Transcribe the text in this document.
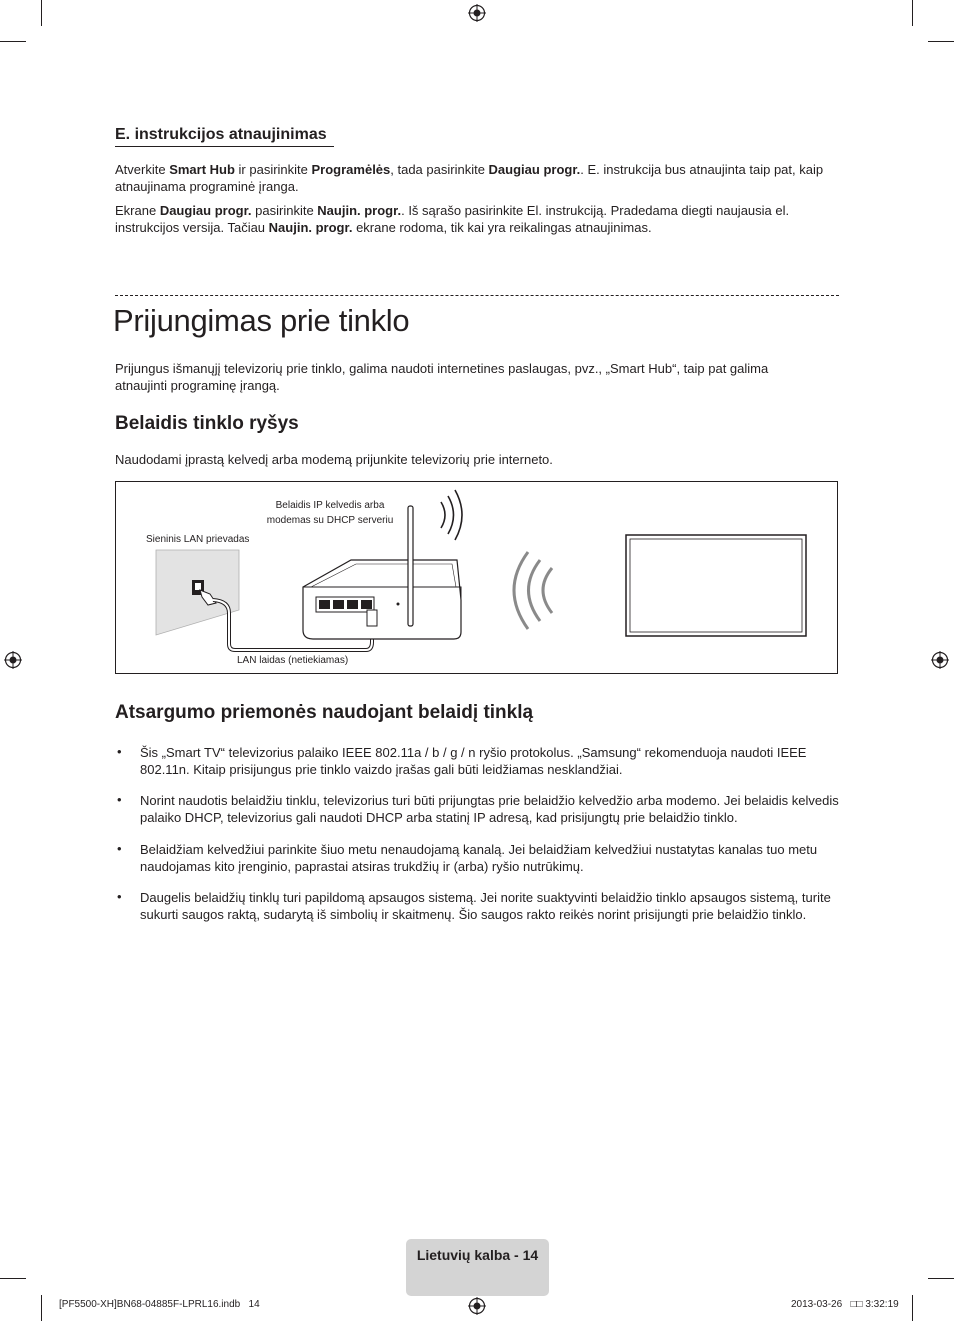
E. instrukcijos atnaujinimas
Atverkite Smart Hub ir pasirinkite Programėlės, tada pasirinkite Daugiau progr.. E. instrukcija bus atnaujinta taip pat, kaip atnaujinama programinė įranga.
Ekrane Daugiau progr. pasirinkite Naujin. progr.. Iš sąrašo pasirinkite El. instrukciją. Pradedama diegti naujausia el. instrukcijos versija. Tačiau Naujin. progr. ekrane rodoma, tik kai yra reikalingas atnaujinimas.
Prijungimas prie tinklo
Prijungus išmanųjį televizorių prie tinklo, galima naudoti internetines paslaugas, pvz., „Smart Hub“, taip pat galima atnaujinti programinę įrangą.
Belaidis tinklo ryšys
Naudodami įprastą kelvedį arba modemą prijunkite televizorių prie interneto.
Belaidis IP kelvedis arba
modemas su DHCP serveriu
Sieninis LAN prievadas
LAN laidas (netiekiamas)
Atsargumo priemonės naudojant belaidį tinklą
• Šis „Smart TV“ televizorius palaiko IEEE 802.11a / b / g / n ryšio protokolus. „Samsung“ rekomenduoja naudoti IEEE 802.11n. Kitaip prisijungus prie tinklo vaizdo įrašas gali būti leidžiamas nesklandžiai.
• Norint naudotis belaidžiu tinklu, televizorius turi būti prijungtas prie belaidžio kelvedžio arba modemo. Jei belaidis kelvedis palaiko DHCP, televizorius gali naudoti DHCP arba statinį IP adresą, kad prisijungtų prie belaidžio tinklo.
• Belaidžiam kelvedžiui parinkite šiuo metu nenaudojamą kanalą. Jei belaidžiam kelvedžiui nustatytas kanalas tuo metu naudojamas kito įrenginio, paprastai atsiras trukdžių ir (arba) ryšio nutrūkimų.
• Daugelis belaidžių tinklų turi papildomą apsaugos sistemą. Jei norite suaktyvinti belaidžio tinklo apsaugos sistemą, turite sukurti saugos raktą, sudarytą iš simbolių ir skaitmenų. Šio saugos rakto reikės norint prisijungti prie belaidžio tinklo.
Lietuvių kalba - 14
[PF5500-XH]BN68-04885F-LPRL16.indb   14	2013-03-26   □□ 3:32:19
